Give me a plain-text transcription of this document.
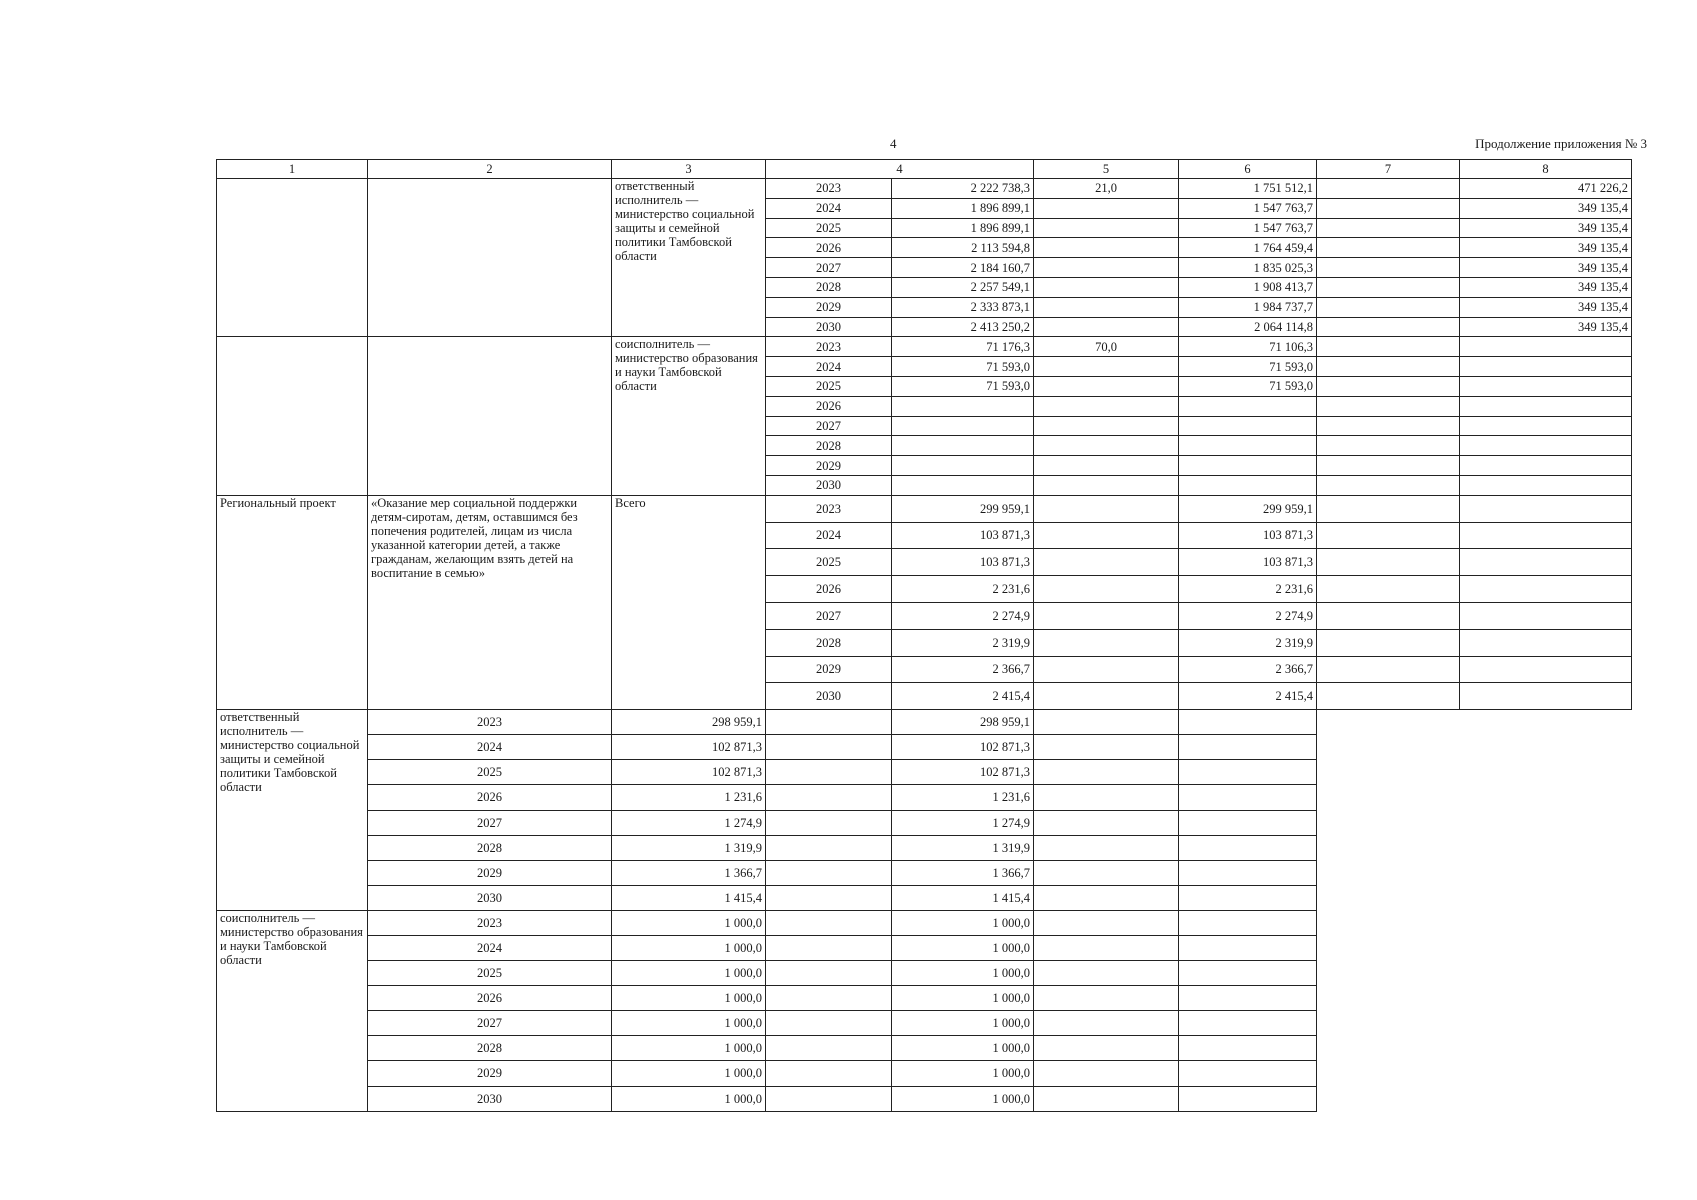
4	Продолжение приложения № 3
1	2	3	4		5	6	7	8
		ответственный исполнитель — министерство социальной защиты и семейной политики Тамбовской области	2023	2 222 738,3	21,0	1 751 512,1		471 226,2
			2024	1 896 899,1		1 547 763,7		349 135,4
			2025	1 896 899,1		1 547 763,7		349 135,4
			2026	2 113 594,8		1 764 459,4		349 135,4
			2027	2 184 160,7		1 835 025,3		349 135,4
			2028	2 257 549,1		1 908 413,7		349 135,4
			2029	2 333 873,1		1 984 737,7		349 135,4
			2030	2 413 250,2		2 064 114,8		349 135,4
		соисполнитель — министерство образования и науки Тамбовской области	2023	71 176,3	70,0	71 106,3		
			2024	71 593,0		71 593,0		
			2025	71 593,0		71 593,0		
			2026					
			2027					
			2028					
			2029					
			2030					
Региональный проект	«Оказание мер социальной поддержки детям-сиротам, детям, оставшимся без попечения родителей, лицам из числа указанной категории детей, а также гражданам, желающим взять детей на воспитание в семью»	Всего	2023	299 959,1		299 959,1		
			2024	103 871,3		103 871,3		
			2025	103 871,3		103 871,3		
			2026	2 231,6		2 231,6		
			2027	2 274,9		2 274,9		
			2028	2 319,9		2 319,9		
			2029	2 366,7		2 366,7		
			2030	2 415,4		2 415,4		
ответственный исполнитель — министерство социальной защиты и семейной политики Тамбовской области	2023	298 959,1		298 959,1				
	2024	102 871,3		102 871,3				
	2025	102 871,3		102 871,3				
	2026	1 231,6		1 231,6				
	2027	1 274,9		1 274,9				
	2028	1 319,9		1 319,9				
	2029	1 366,7		1 366,7				
	2030	1 415,4		1 415,4				
соисполнитель — министерство образования и науки Тамбовской области	2023	1 000,0		1 000,0				
	2024	1 000,0		1 000,0				
	2025	1 000,0		1 000,0				
	2026	1 000,0		1 000,0				
	2027	1 000,0		1 000,0				
	2028	1 000,0		1 000,0				
	2029	1 000,0		1 000,0				
	2030	1 000,0		1 000,0				
